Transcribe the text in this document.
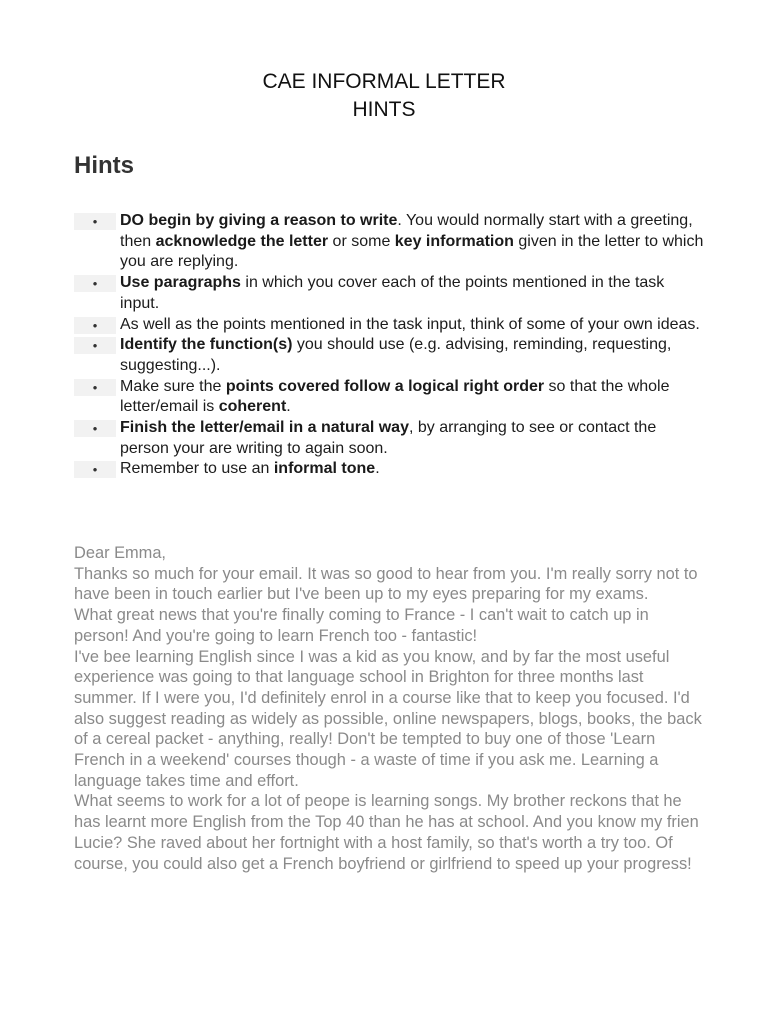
CAE INFORMAL LETTER
HINTS
Hints
•	DO begin by giving a reason to write. You would normally start with a greeting, then acknowledge the letter or some key information given in the letter to which you are replying.
•	Use paragraphs in which you cover each of the points mentioned in the task input.
•	As well as the points mentioned in the task input, think of some of your own ideas.
•	Identify the function(s) you should use (e.g. advising, reminding, requesting, suggesting...).
•	Make sure the points covered follow a logical right order so that the whole letter/email is coherent.
•	Finish the letter/email in a natural way, by arranging to see or contact the person your are writing to again soon.
•	Remember to use an informal tone.

Dear Emma,

Thanks so much for your email. It was so good to hear from you. I'm really sorry not to have been in touch earlier but I've been up to my eyes preparing for my exams.

What great news that you're finally coming to France - I can't wait to catch up in person! And you're going to learn French too - fantastic!

I've bee learning English since I was a kid as you know, and by far the most useful experience was going to that language school in Brighton for three months last summer. If I were you, I'd definitely enrol in a course like that to keep you focused. I'd also suggest reading as widely as possible, online newspapers, blogs, books, the back of a cereal packet - anything, really! Don't be tempted to buy one of those 'Learn French in a weekend' courses though - a waste of time if you ask me. Learning a language takes time and effort.

What seems to work for a lot of peope is learning songs. My brother reckons that he has learnt more English from the Top 40 than he has at school. And you know my frien Lucie? She raved about her fortnight with a host family, so that's worth a try too. Of course, you could also get a French boyfriend or girlfriend to speed up your progress!
